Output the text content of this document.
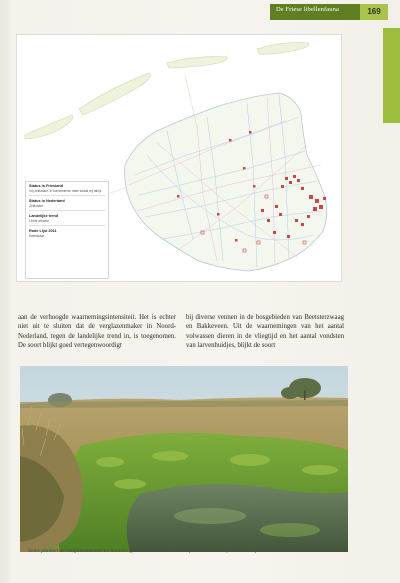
De Friese libellenfauna	169
Status in Friesland
Vrij zeldzaam, in toenemende mate lokaal vrij talrijk
Status in Nederland
Zeldzaam
Landelijke trend
Lichte afname
Rode Lijst 2011
Kwetsbaar
aan de verhoogde waarnemingsintensiteit. Het is echter niet uit te sluiten dat de verglazenmaker in Noord-Nederland, tegen de landelijke trend in, is toegenomen. De soort blijkt goed vertegenwoordigt
bij diverse vennen in de bosgebieden van Beetsterzwaag en Bakkeveen. Uit de waarnemingen van het aantal volwassen dieren in de vliegtijd en het aantal vondsten van larvenhuidjes, blijkt de soort
Soms planten de venglazenmaker en noordse glazenmaker zich in hetzelfde habitat voort, zoals hier op het Fochteloërveen.
